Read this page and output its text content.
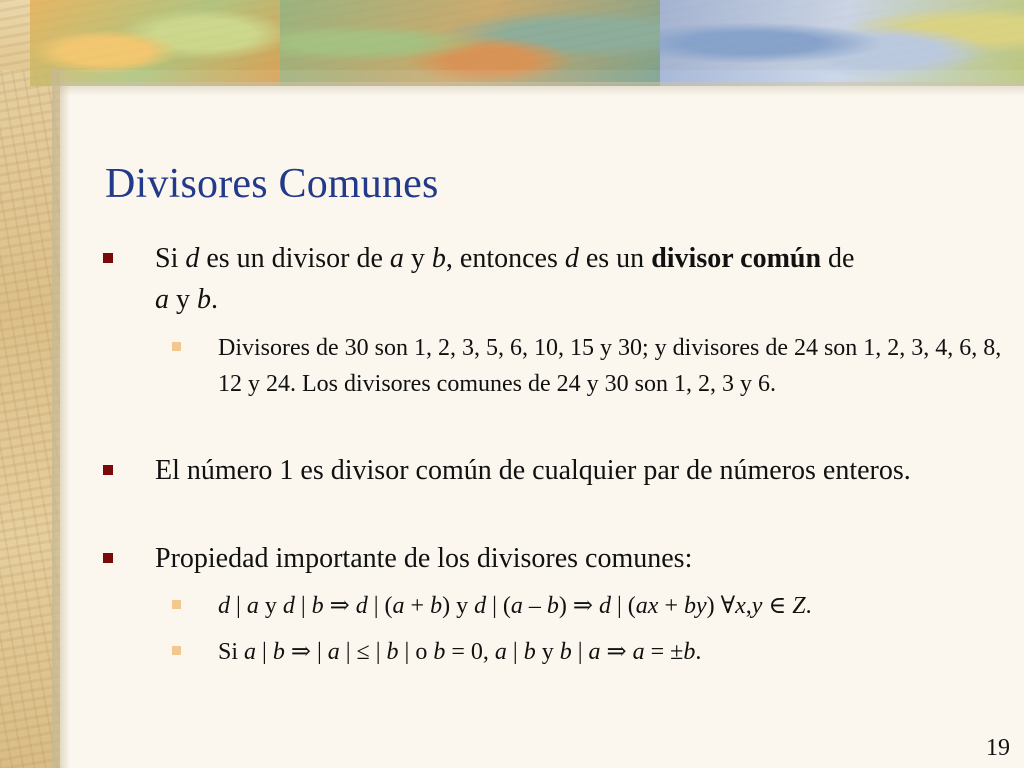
Divisores Comunes
Si d es un divisor de a y b, entonces d es un divisor común de
a y b.
Divisores de 30 son 1, 2, 3, 5, 6, 10, 15 y 30; y divisores de 24 son 1, 2, 3, 4, 6, 8, 12 y 24. Los divisores comunes de 24 y 30 son 1, 2, 3 y 6.
El número 1 es divisor común de cualquier par de números enteros.
Propiedad importante de los divisores comunes:
d | a y d | b ⇒ d | (a + b) y d | (a – b) ⇒ d | (ax + by) ∀x,y ∈ Z.
Si a | b ⇒ | a | ≤ | b | o b = 0, a | b y b | a ⇒ a = ±b.
19
